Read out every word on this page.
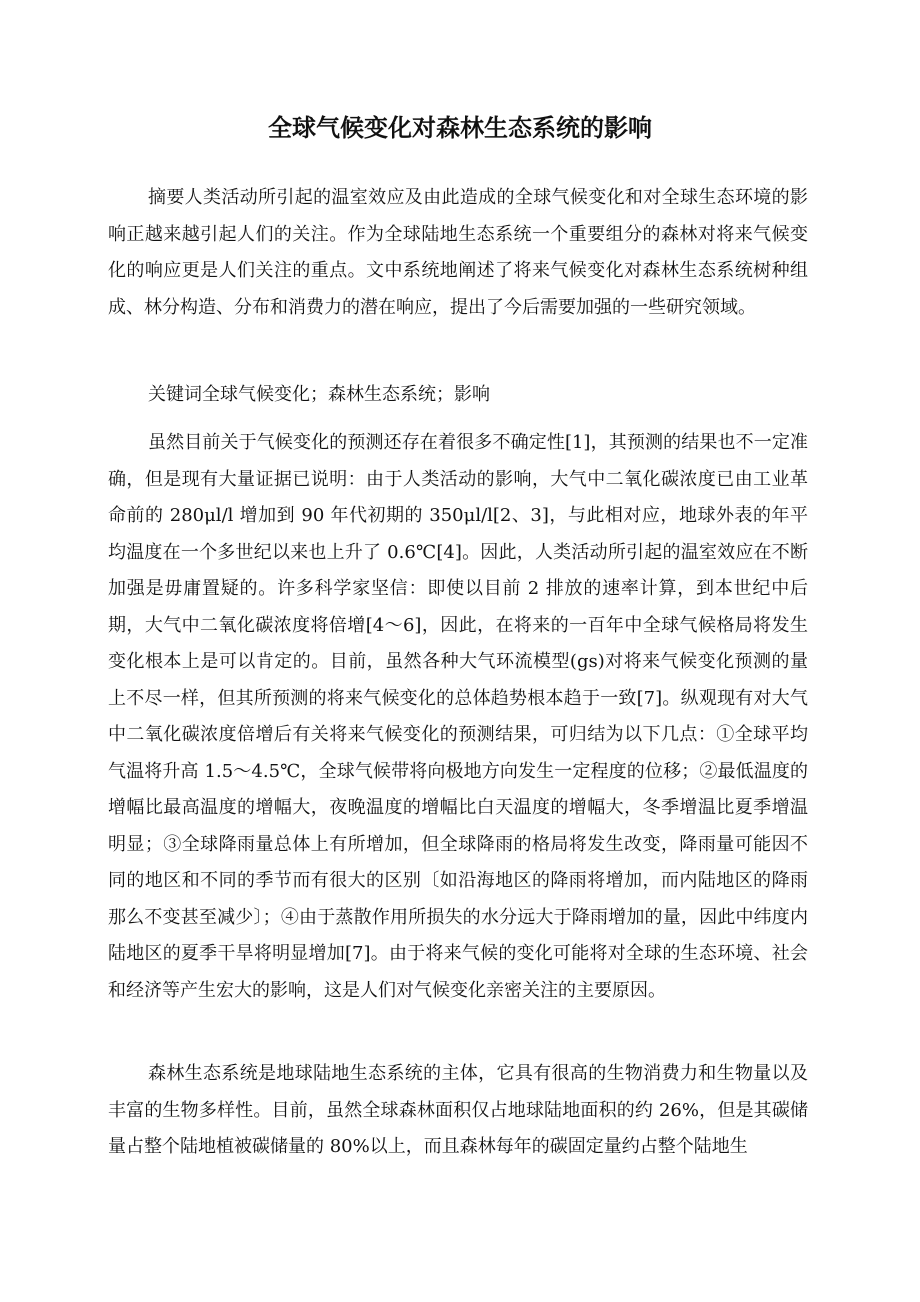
全球气候变化对森林生态系统的影响

摘要人类活动所引起的温室效应及由此造成的全球气候变化和对全球生态环境的影响正越来越引起人们的关注。作为全球陆地生态系统一个重要组分的森林对将来气候变化的响应更是人们关注的重点。文中系统地阐述了将来气候变化对森林生态系统树种组成、林分构造、分布和消费力的潜在响应，提出了今后需要加强的一些研究领域。

关键词全球气候变化；森林生态系统；影响

虽然目前关于气候变化的预测还存在着很多不确定性[1]，其预测的结果也不一定准确，但是现有大量证据已说明：由于人类活动的影响，大气中二氧化碳浓度已由工业革命前的 280μl/l 增加到 90 年代初期的 350μl/l[2、3]，与此相对应，地球外表的年平均温度在一个多世纪以来也上升了 0.6℃[4]。因此，人类活动所引起的温室效应在不断加强是毋庸置疑的。许多科学家坚信：即使以目前 2 排放的速率计算，到本世纪中后期，大气中二氧化碳浓度将倍增[4～6]，因此，在将来的一百年中全球气候格局将发生变化根本上是可以肯定的。目前，虽然各种大气环流模型(gs)对将来气候变化预测的量上不尽一样，但其所预测的将来气候变化的总体趋势根本趋于一致[7]。纵观现有对大气中二氧化碳浓度倍增后有关将来气候变化的预测结果，可归结为以下几点：①全球平均气温将升高 1.5～4.5℃，全球气候带将向极地方向发生一定程度的位移；②最低温度的增幅比最高温度的增幅大，夜晚温度的增幅比白天温度的增幅大，冬季增温比夏季增温明显；③全球降雨量总体上有所增加，但全球降雨的格局将发生改变，降雨量可能因不同的地区和不同的季节而有很大的区别〔如沿海地区的降雨将增加，而内陆地区的降雨那么不变甚至减少〕；④由于蒸散作用所损失的水分远大于降雨增加的量，因此中纬度内陆地区的夏季干旱将明显增加[7]。由于将来气候的变化可能将对全球的生态环境、社会和经济等产生宏大的影响，这是人们对气候变化亲密关注的主要原因。

森林生态系统是地球陆地生态系统的主体，它具有很高的生物消费力和生物量以及丰富的生物多样性。目前，虽然全球森林面积仅占地球陆地面积的约 26%，但是其碳储量占整个陆地植被碳储量的 80%以上，而且森林每年的碳固定量约占整个陆地生
